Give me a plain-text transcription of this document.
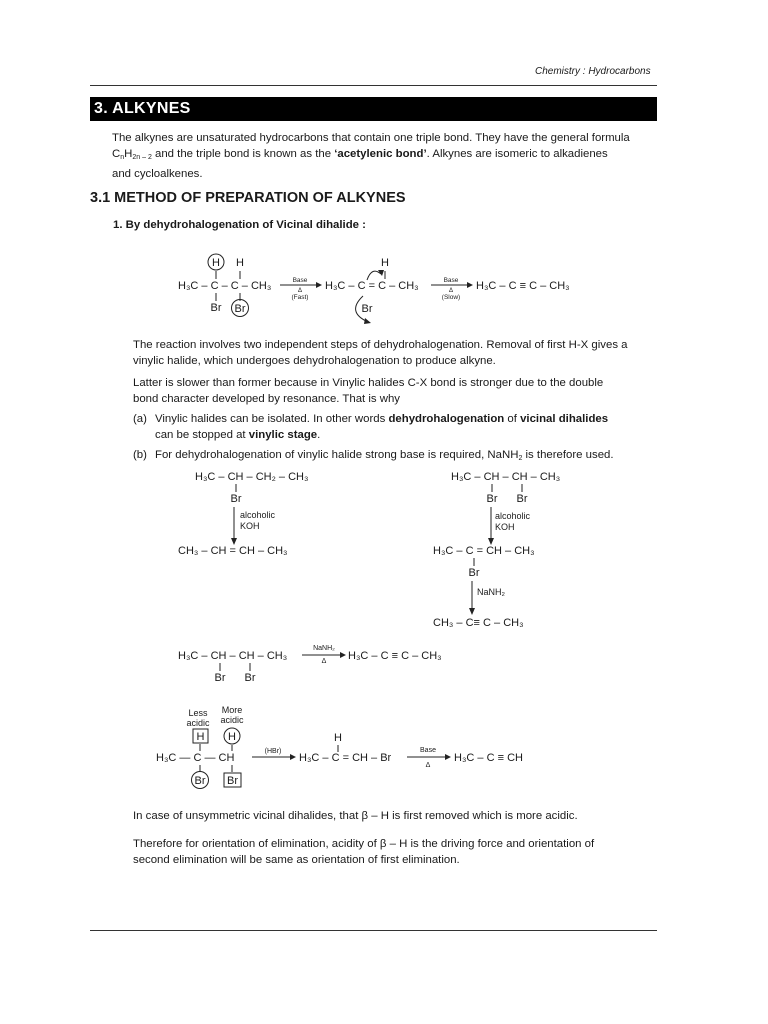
Chemistry : Hydrocarbons
3. ALKYNES
The alkynes are unsaturated hydrocarbons that contain one triple bond. They have the general formula
$C_nH_{2n - 2}$ and the triple bond is known as the ‘acetylenic bond’. Alkynes are isomeric to alkadienes
and cycloalkenes.
3.1 METHOD OF PREPARATION OF ALKYNES
1. By dehydrohalogenation of Vicinal dihalide :
H H
H₃C – C – C – CH₃
Br Br
Base
Δ
(Fast)
H
H₃C – C = C – CH₃
Br
Base
Δ
(Slow)
H₃C – C ≡ C – CH₃
The reaction involves two independent steps of dehydrohalogenation. Removal of first H-X gives a
vinylic halide, which undergoes dehydrohalogenation to produce alkyne.
Latter is slower than former because in Vinylic halides C-X bond is stronger due to the double
bond character developed by resonance. That is why
(a) Vinylic halides can be isolated. In other words dehydrohalogenation of vicinal dihalides
can be stopped at vinylic stage.
(b) For dehydrohalogenation of vinylic halide strong base is required, NaNH$_2$ is therefore used.
H₃C – CH – CH₂ – CH₃
Br
alcoholic
KOH
CH₃ – CH = CH – CH₃
H₃C – CH – CH – CH₃
Br Br
alcoholic
KOH
H₃C – C = CH – CH₃
Br
NaNH₂
CH₃ – C≡ C – CH₃
H₃C – CH – CH – CH₃
NaNH₂
Δ H₃C – C ≡ C – CH₃
Br Br
Less
acidic
More
acidic
H H
H₃C — C — CH
Br Br
(HBr)
H
H₃C – C = CH – Br
Base
Δ
H₃C – C ≡ CH
In case of unsymmetric vicinal dihalides, that β – H is first removed which is more acidic.
Therefore for orientation of elimination, acidity of β – H is the driving force and orientation of
second elimination will be same as orientation of first elimination.
